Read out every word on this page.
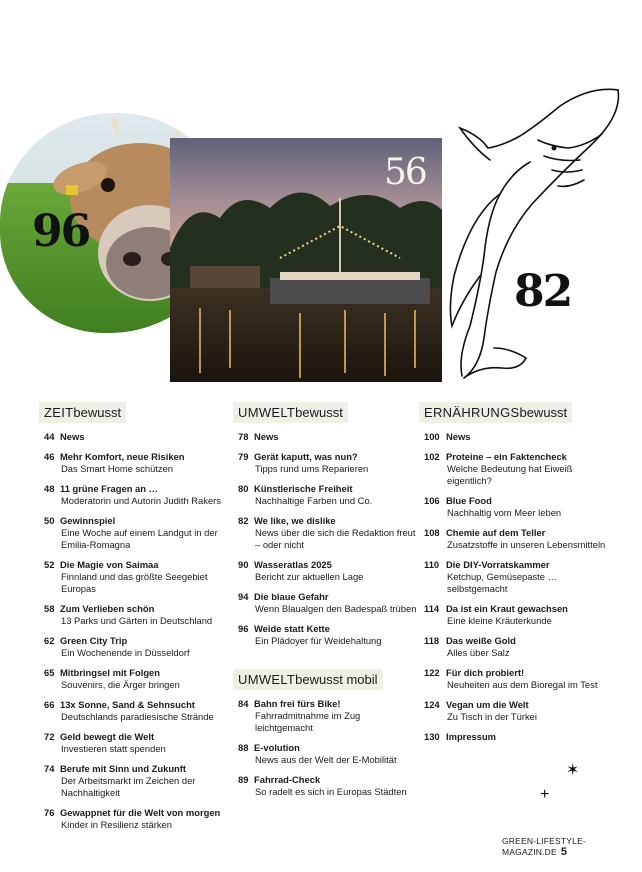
96
56
82
ZEITbewusst
44 News
46 Mehr Komfort, neue Risiken
Das Smart Home schützen
48 11 grüne Fragen an …
Moderatorin und Autorin Judith Rakers
50 Gewinnspiel
Eine Woche auf einem Landgut in der Emilia-Romagna
52 Die Magie von Saimaa
Finnland und das größte Seegebiet Europas
58 Zum Verlieben schön
13 Parks und Gärten in Deutschland
62 Green City Trip
Ein Wochenende in Düsseldorf
65 Mitbringsel mit Folgen
Souvenirs, die Ärger bringen
66 13x Sonne, Sand & Sehnsucht
Deutschlands paradiesische Strände
72 Geld bewegt die Welt
Investieren statt spenden
74 Berufe mit Sinn und Zukunft
Der Arbeitsmarkt im Zeichen der Nachhaltigkeit
76 Gewappnet für die Welt von morgen
Kinder in Resilienz stärken
UMWELTbewusst
78 News
79 Gerät kaputt, was nun?
Tipps rund ums Reparieren
80 Künstlerische Freiheit
Nachhaltige Farben und Co.
82 We like, we dislike
News über die sich die Redaktion freut – oder nicht
90 Wasseratlas 2025
Bericht zur aktuellen Lage
94 Die blaue Gefahr
Wenn Blaualgen den Badespaß trüben
96 Weide statt Kette
Ein Plädoyer für Weidehaltung
UMWELTbewusst mobil
84 Bahn frei fürs Bike!
Fahrradmitnahme im Zug leichtgemacht
88 E-volution
News aus der Welt der E-Mobilität
89 Fahrrad-Check
So radelt es sich in Europas Städten
ERNÄHRUNGSbewusst
100 News
102 Proteine – ein Faktencheck
Welche Bedeutung hat Eiweiß eigentlich?
106 Blue Food
Nachhaltig vom Meer leben
108 Chemie auf dem Teller
Zusatzstoffe in unseren Lebensmitteln
110 Die DIY-Vorratskammer
Ketchup, Gemüsepaste … selbstgemacht
114 Da ist ein Kraut gewachsen
Eine kleine Kräuterkunde
118 Das weiße Gold
Alles über Salz
122 Für dich probiert!
Neuheiten aus dem Bioregal im Test
124 Vegan um die Welt
Zu Tisch in der Türkei
130 Impressum
✶
+
GREEN-LIFESTYLE-MAGAZIN.DE 5
